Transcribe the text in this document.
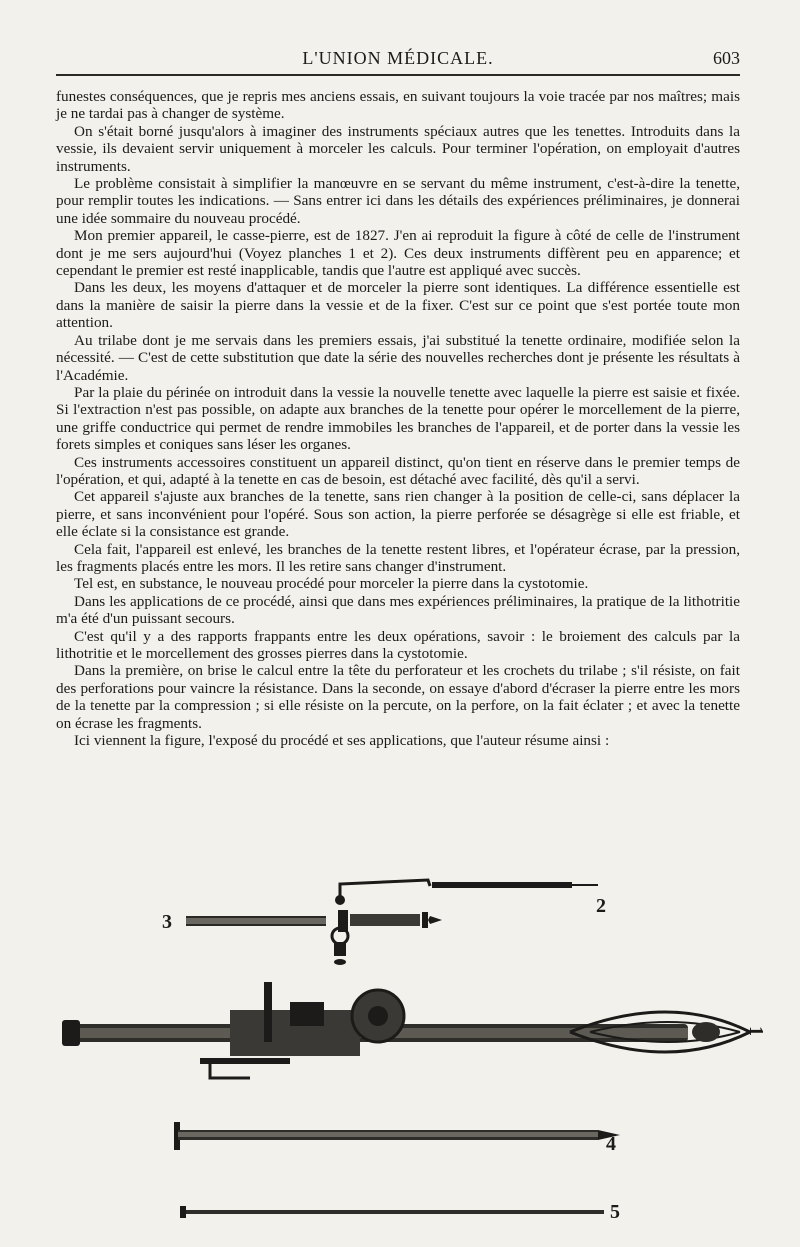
L'UNION MÉDICALE.	603

funestes conséquences, que je repris mes anciens essais, en suivant toujours la voie tracée par nos maîtres; mais je ne tardai pas à changer de système.

On s'était borné jusqu'alors à imaginer des instruments spéciaux autres que les tenettes. Introduits dans la vessie, ils devaient servir uniquement à morceler les calculs. Pour terminer l'opération, on employait d'autres instruments.

Le problème consistait à simplifier la manœuvre en se servant du même instrument, c'est-à-dire la tenette, pour remplir toutes les indications. — Sans entrer ici dans les détails des expériences préliminaires, je donnerai une idée sommaire du nouveau procédé.

Mon premier appareil, le casse-pierre, est de 1827. J'en ai reproduit la figure à côté de celle de l'instrument dont je me sers aujourd'hui (Voyez planches 1 et 2). Ces deux instruments diffèrent peu en apparence; et cependant le premier est resté inapplicable, tandis que l'autre est appliqué avec succès.

Dans les deux, les moyens d'attaquer et de morceler la pierre sont identiques. La différence essentielle est dans la manière de saisir la pierre dans la vessie et de la fixer. C'est sur ce point que s'est portée toute mon attention.

Au trilabe dont je me servais dans les premiers essais, j'ai substitué la tenette ordinaire, modifiée selon la nécessité. — C'est de cette substitution que date la série des nouvelles recherches dont je présente les résultats à l'Académie.

Par la plaie du périnée on introduit dans la vessie la nouvelle tenette avec laquelle la pierre est saisie et fixée. Si l'extraction n'est pas possible, on adapte aux branches de la tenette pour opérer le morcellement de la pierre, une griffe conductrice qui permet de rendre immobiles les branches de l'appareil, et de porter dans la vessie les forets simples et coniques sans léser les organes.

Ces instruments accessoires constituent un appareil distinct, qu'on tient en réserve dans le premier temps de l'opération, et qui, adapté à la tenette en cas de besoin, est détaché avec facilité, dès qu'il a servi.

Cet appareil s'ajuste aux branches de la tenette, sans rien changer à la position de celle-ci, sans déplacer la pierre, et sans inconvénient pour l'opéré. Sous son action, la pierre perforée se désagrège si elle est friable, et elle éclate si la consistance est grande.

Cela fait, l'appareil est enlevé, les branches de la tenette restent libres, et l'opérateur écrase, par la pression, les fragments placés entre les mors. Il les retire sans changer d'instrument.

Tel est, en substance, le nouveau procédé pour morceler la pierre dans la cystotomie.

Dans les applications de ce procédé, ainsi que dans mes expériences préliminaires, la pratique de la lithotritie m'a été d'un puissant secours.

C'est qu'il y a des rapports frappants entre les deux opérations, savoir : le broiement des calculs par la lithotritie et le morcellement des grosses pierres dans la cystotomie.

Dans la première, on brise le calcul entre la tête du perforateur et les crochets du trilabe ; s'il résiste, on fait des perforations pour vaincre la résistance. Dans la seconde, on essaye d'abord d'écraser la pierre entre les mors de la tenette par la compression ; si elle résiste on la percute, on la perfore, on la fait éclater ; et avec la tenette on écrase les fragments.

Ici viennent la figure, l'exposé du procédé et ses applications, que l'auteur résume ainsi :

2
3
1
4
5
